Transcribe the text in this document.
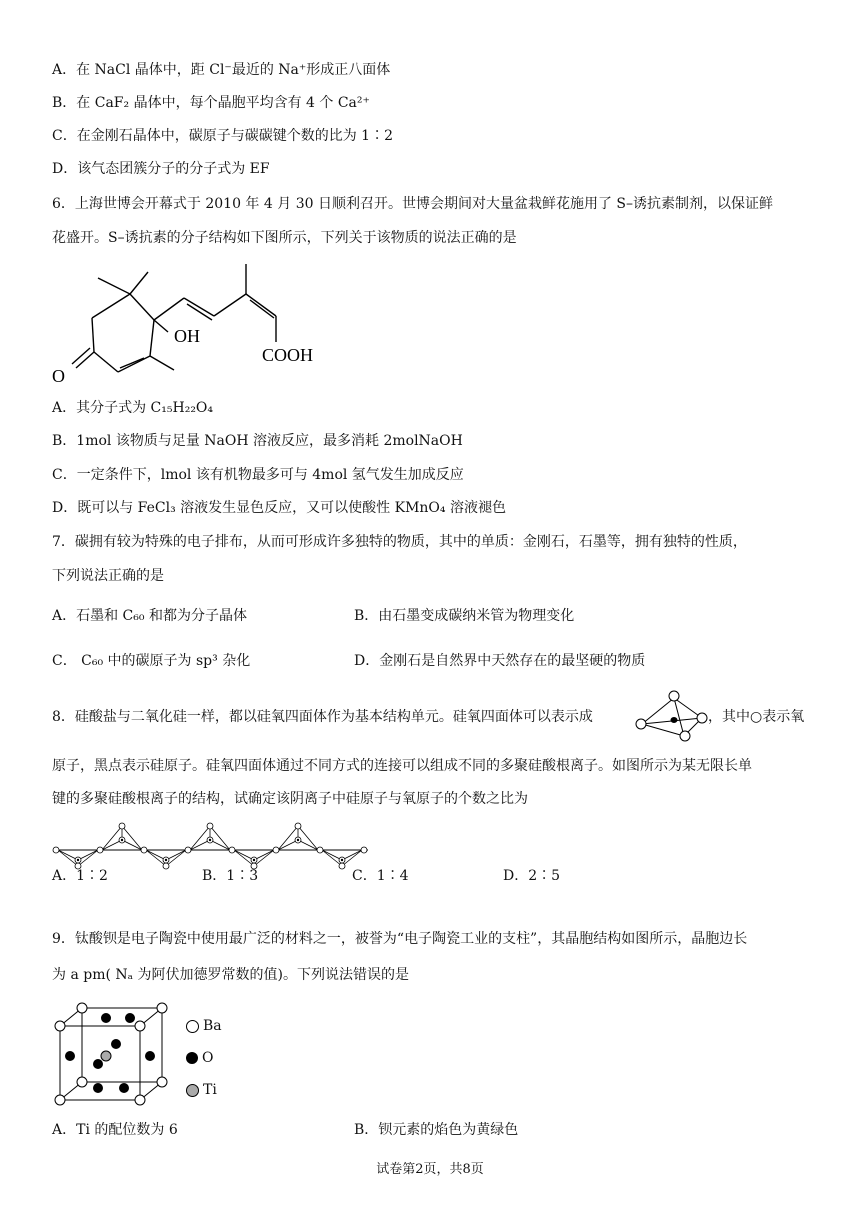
A．在 NaCl 晶体中，距 Cl⁻最近的 Na⁺形成正八面体
B．在 CaF₂ 晶体中，每个晶胞平均含有 4 个 Ca²⁺
C．在金刚石晶体中，碳原子与碳碳键个数的比为 1∶2
D．该气态团簇分子的分子式为 EF
6．上海世博会开幕式于 2010 年 4 月 30 日顺利召开。世博会期间对大量盆栽鲜花施用了 S–诱抗素制剂，以保证鲜
花盛开。S–诱抗素的分子结构如下图所示，下列关于该物质的说法正确的是
OH
COOH
O
A．其分子式为 C₁₅H₂₂O₄
B．1mol 该物质与足量 NaOH 溶液反应，最多消耗 2molNaOH
C．一定条件下，lmol 该有机物最多可与 4mol 氢气发生加成反应
D．既可以与 FeCl₃ 溶液发生显色反应，又可以使酸性 KMnO₄ 溶液褪色
7．碳拥有较为特殊的电子排布，从而可形成许多独特的物质，其中的单质：金刚石，石墨等，拥有独特的性质，
下列说法正确的是
A．石墨和 C₆₀ 和都为分子晶体	B．由石墨变成碳纳米管为物理变化
C． C₆₀ 中的碳原子为 sp³ 杂化	D．金刚石是自然界中天然存在的最坚硬的物质
8．硅酸盐与二氧化硅一样，都以硅氧四面体作为基本结构单元。硅氧四面体可以表示成	，其中○表示氧
原子，黑点表示硅原子。硅氧四面体通过不同方式的连接可以组成不同的多聚硅酸根离子。如图所示为某无限长单
键的多聚硅酸根离子的结构，试确定该阴离子中硅原子与氧原子的个数之比为
A．1∶2	B．1∶3	C．1∶4	D．2∶5
9．钛酸钡是电子陶瓷中使用最广泛的材料之一，被誉为“电子陶瓷工业的支柱”，其晶胞结构如图所示，晶胞边长
为 a pm( Nₐ 为阿伏加德罗常数的值)。下列说法错误的是
Ba
O
Ti
A．Ti 的配位数为 6	B．钡元素的焰色为黄绿色
试卷第2页，共8页
